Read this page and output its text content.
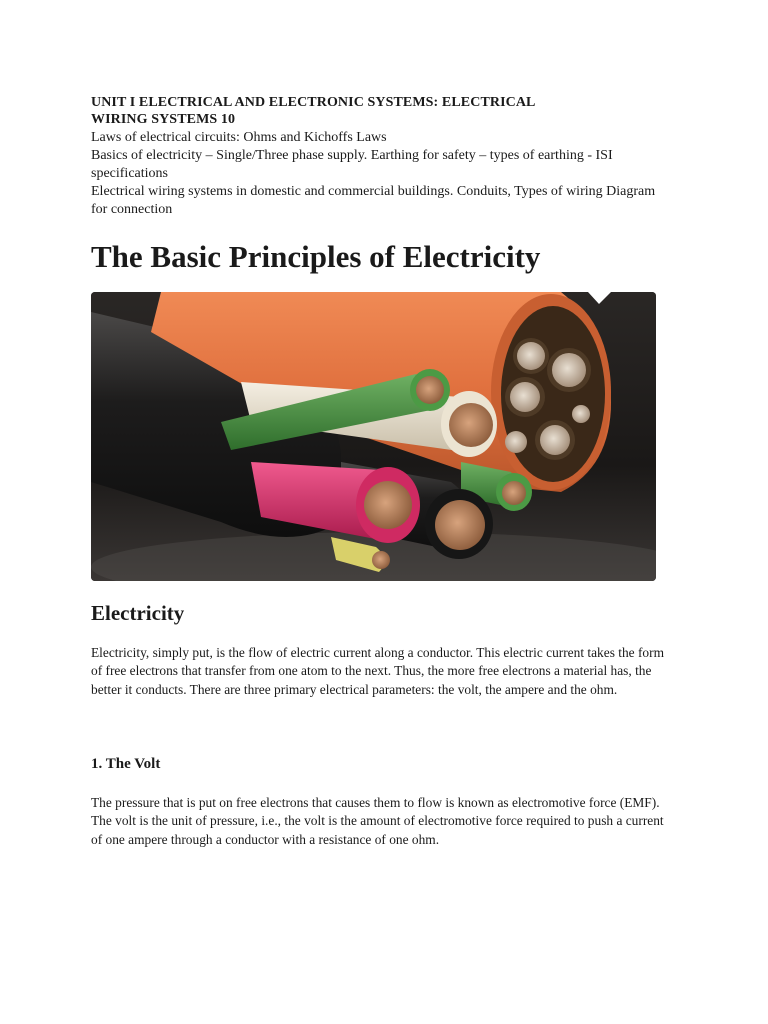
UNIT I ELECTRICAL AND ELECTRONIC SYSTEMS: ELECTRICAL
WIRING SYSTEMS 10

Laws of electrical circuits: Ohms and Kichoffs Laws

Basics of electricity – Single/Three phase supply. Earthing for safety – types of earthing - ISI specifications

Electrical wiring systems in domestic and commercial buildings. Conduits, Types of wiring Diagram for connection

The Basic Principles of Electricity
Electricity

Electricity, simply put, is the flow of electric current along a conductor. This electric current takes the form of free electrons that transfer from one atom to the next. Thus, the more free electrons a material has, the better it conducts. There are three primary electrical parameters: the volt, the ampere and the ohm.

1. The Volt

The pressure that is put on free electrons that causes them to flow is known as electromotive force (EMF). The volt is the unit of pressure, i.e., the volt is the amount of electromotive force required to push a current of one ampere through a conductor with a resistance of one ohm.
